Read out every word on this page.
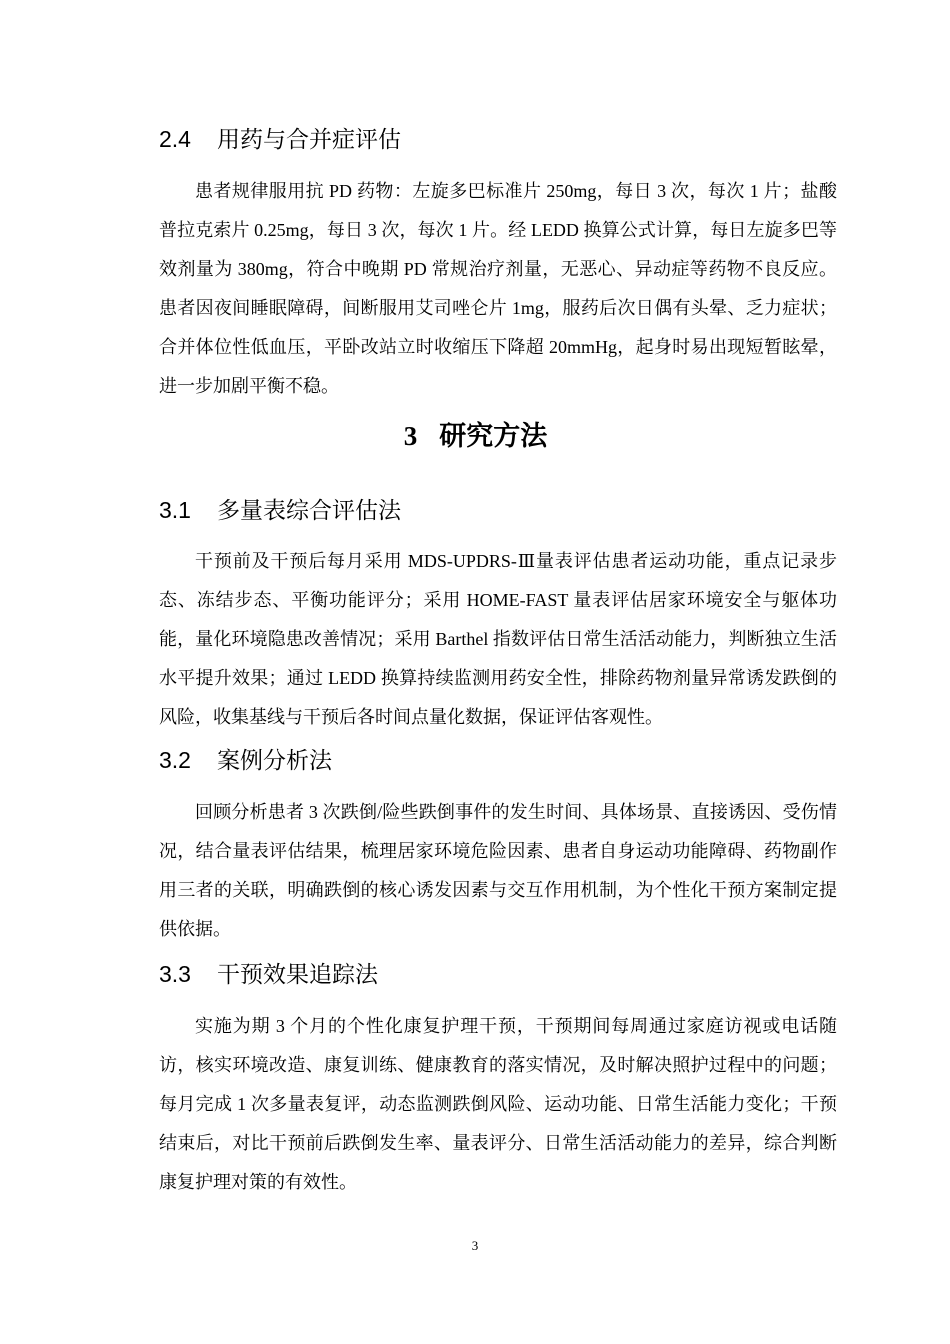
2.4 用药与合并症评估

患者规律服用抗 PD 药物：左旋多巴标准片 250mg，每日 3 次，每次 1 片；盐酸普拉克索片 0.25mg，每日 3 次，每次 1 片。经 LEDD 换算公式计算，每日左旋多巴等效剂量为 380mg，符合中晚期 PD 常规治疗剂量，无恶心、异动症等药物不良反应。患者因夜间睡眠障碍，间断服用艾司唑仑片 1mg，服药后次日偶有头晕、乏力症状；合并体位性低血压，平卧改站立时收缩压下降超 20mmHg，起身时易出现短暂眩晕，进一步加剧平衡不稳。

3 研究方法
3.1 多量表综合评估法

干预前及干预后每月采用 MDS-UPDRS-Ⅲ量表评估患者运动功能，重点记录步态、冻结步态、平衡功能评分；采用 HOME-FAST 量表评估居家环境安全与躯体功能，量化环境隐患改善情况；采用 Barthel 指数评估日常生活活动能力，判断独立生活水平提升效果；通过 LEDD 换算持续监测用药安全性，排除药物剂量异常诱发跌倒的风险，收集基线与干预后各时间点量化数据，保证评估客观性。

3.2 案例分析法

回顾分析患者 3 次跌倒/险些跌倒事件的发生时间、具体场景、直接诱因、受伤情况，结合量表评估结果，梳理居家环境危险因素、患者自身运动功能障碍、药物副作用三者的关联，明确跌倒的核心诱发因素与交互作用机制，为个性化干预方案制定提供依据。

3.3 干预效果追踪法

实施为期 3 个月的个性化康复护理干预，干预期间每周通过家庭访视或电话随访，核实环境改造、康复训练、健康教育的落实情况，及时解决照护过程中的问题；每月完成 1 次多量表复评，动态监测跌倒风险、运动功能、日常生活能力变化；干预结束后，对比干预前后跌倒发生率、量表评分、日常生活活动能力的差异，综合判断康复护理对策的有效性。

3
